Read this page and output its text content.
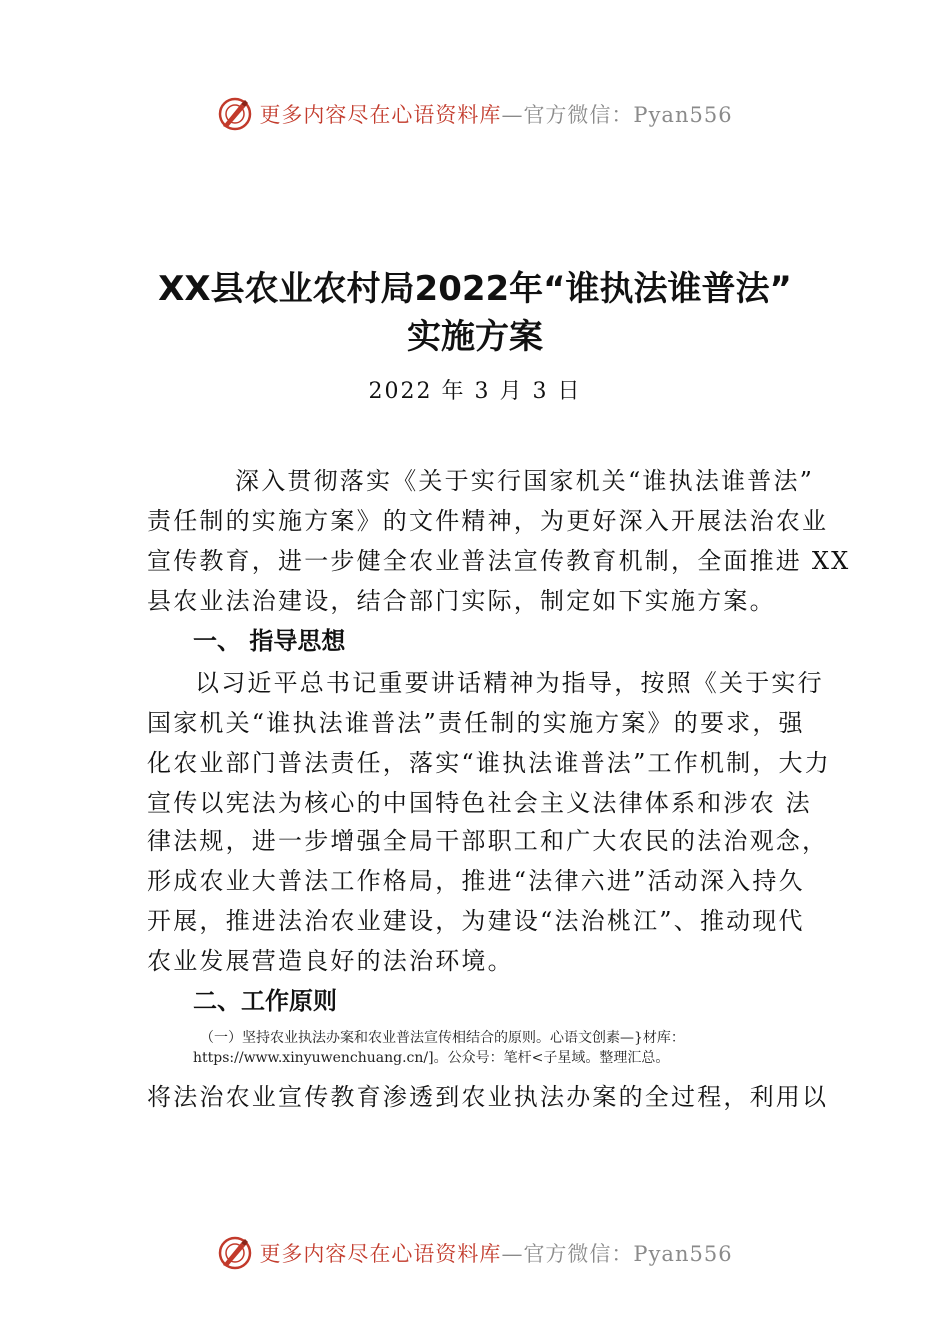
更多内容尽在心语资料库—官方微信：Pyan556
XX县农业农村局2022年“谁执法谁普法”
实施方案
2022 年 3 月 3 日
深入贯彻落实《关于实行国家机关“谁执法谁普法”
责任制的实施方案》的文件精神，为更好深入开展法治农业
宣传教育，进一步健全农业普法宣传教育机制，全面推进 XX
县农业法治建设，结合部门实际，制定如下实施方案。
一、 指导思想
以习近平总书记重要讲话精神为指导，按照《关于实行
国家机关“谁执法谁普法”责任制的实施方案》的要求，强
化农业部门普法责任，落实“谁执法谁普法”工作机制，大力
宣传以宪法为核心的中国特色社会主义法律体系和涉农 法
律法规，进一步增强全局干部职工和广大农民的法治观念，
形成农业大普法工作格局，推进“法律六进”活动深入持久
开展，推进法治农业建设，为建设“法治桃江”、推动现代
农业发展营造良好的法治环境。
二、工作原则
（一）坚持农业执法办案和农业普法宣传相结合的原则。心语文创素—}材库：
https://www.xinyuwenchuang.cn/]。公众号：笔杆<子星域。整理汇总。
将法治农业宣传教育渗透到农业执法办案的全过程，利用以
更多内容尽在心语资料库—官方微信：Pyan556
